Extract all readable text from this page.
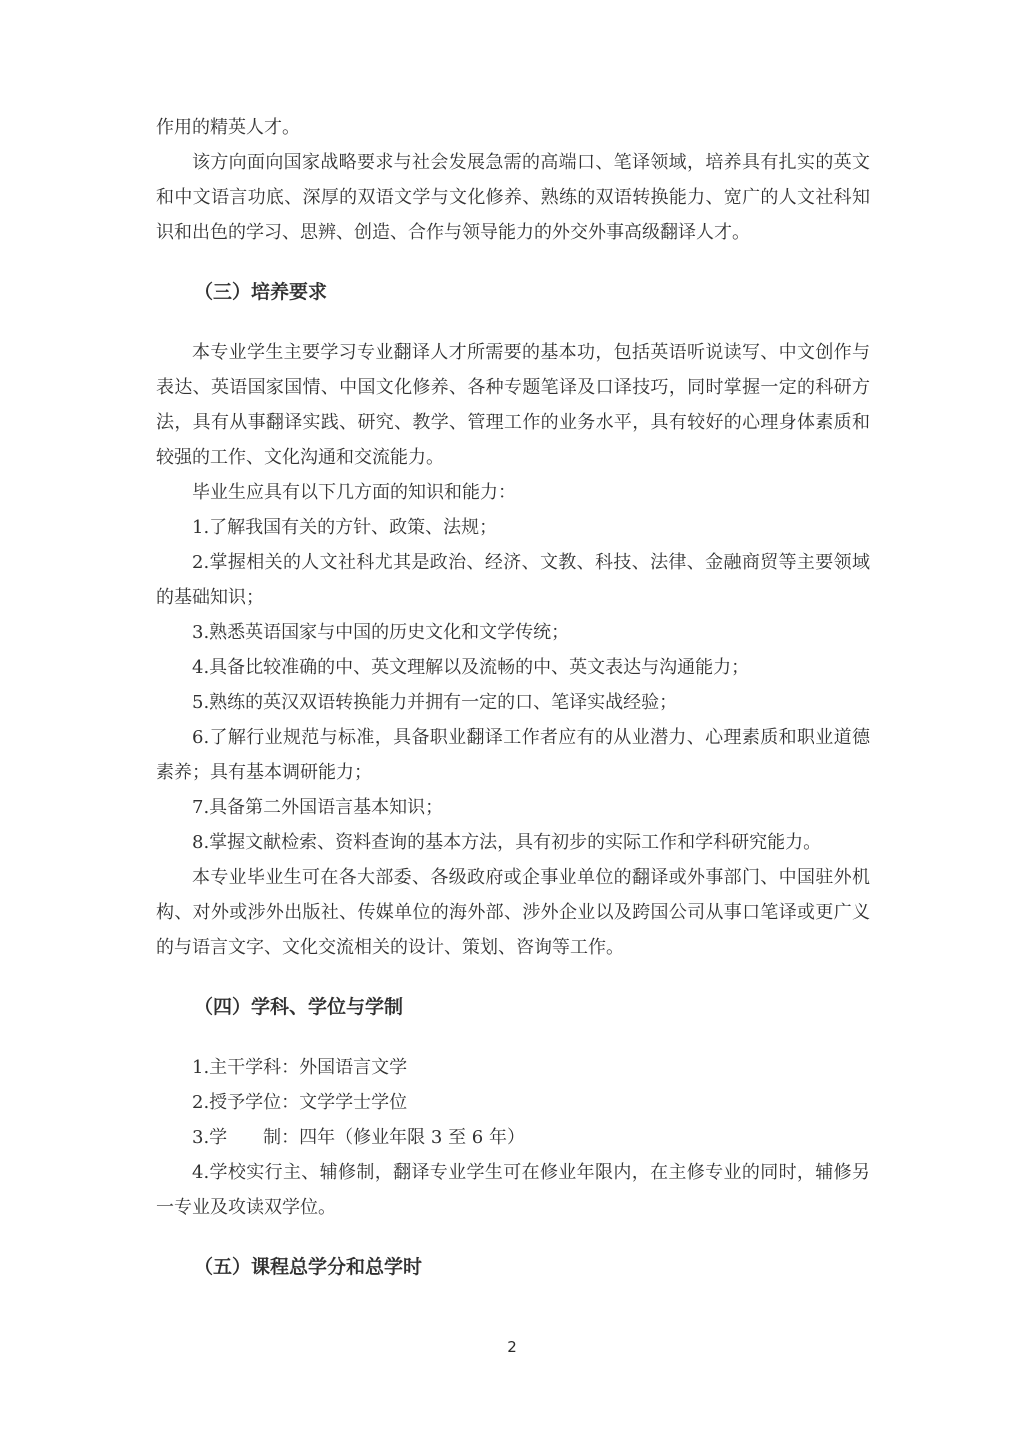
作用的精英人才。

该方向面向国家战略要求与社会发展急需的高端口、笔译领域，培养具有扎实的英文和中文语言功底、深厚的双语文学与文化修养、熟练的双语转换能力、宽广的人文社科知识和出色的学习、思辨、创造、合作与领导能力的外交外事高级翻译人才。

（三）培养要求

本专业学生主要学习专业翻译人才所需要的基本功，包括英语听说读写、中文创作与表达、英语国家国情、中国文化修养、各种专题笔译及口译技巧，同时掌握一定的科研方法，具有从事翻译实践、研究、教学、管理工作的业务水平，具有较好的心理身体素质和较强的工作、文化沟通和交流能力。

毕业生应具有以下几方面的知识和能力：

1.了解我国有关的方针、政策、法规；

2.掌握相关的人文社科尤其是政治、经济、文教、科技、法律、金融商贸等主要领域的基础知识；

3.熟悉英语国家与中国的历史文化和文学传统；

4.具备比较准确的中、英文理解以及流畅的中、英文表达与沟通能力；

5.熟练的英汉双语转换能力并拥有一定的口、笔译实战经验；

6.了解行业规范与标准，具备职业翻译工作者应有的从业潜力、心理素质和职业道德素养；具有基本调研能力；

7.具备第二外国语言基本知识；

8.掌握文献检索、资料查询的基本方法，具有初步的实际工作和学科研究能力。

本专业毕业生可在各大部委、各级政府或企事业单位的翻译或外事部门、中国驻外机构、对外或涉外出版社、传媒单位的海外部、涉外企业以及跨国公司从事口笔译或更广义的与语言文字、文化交流相关的设计、策划、咨询等工作。

（四）学科、学位与学制

1.主干学科：外国语言文学

2.授予学位：文学学士学位

3.学　　制：四年（修业年限 3 至 6 年）

4.学校实行主、辅修制，翻译专业学生可在修业年限内，在主修专业的同时，辅修另一专业及攻读双学位。

（五）课程总学分和总学时
2
